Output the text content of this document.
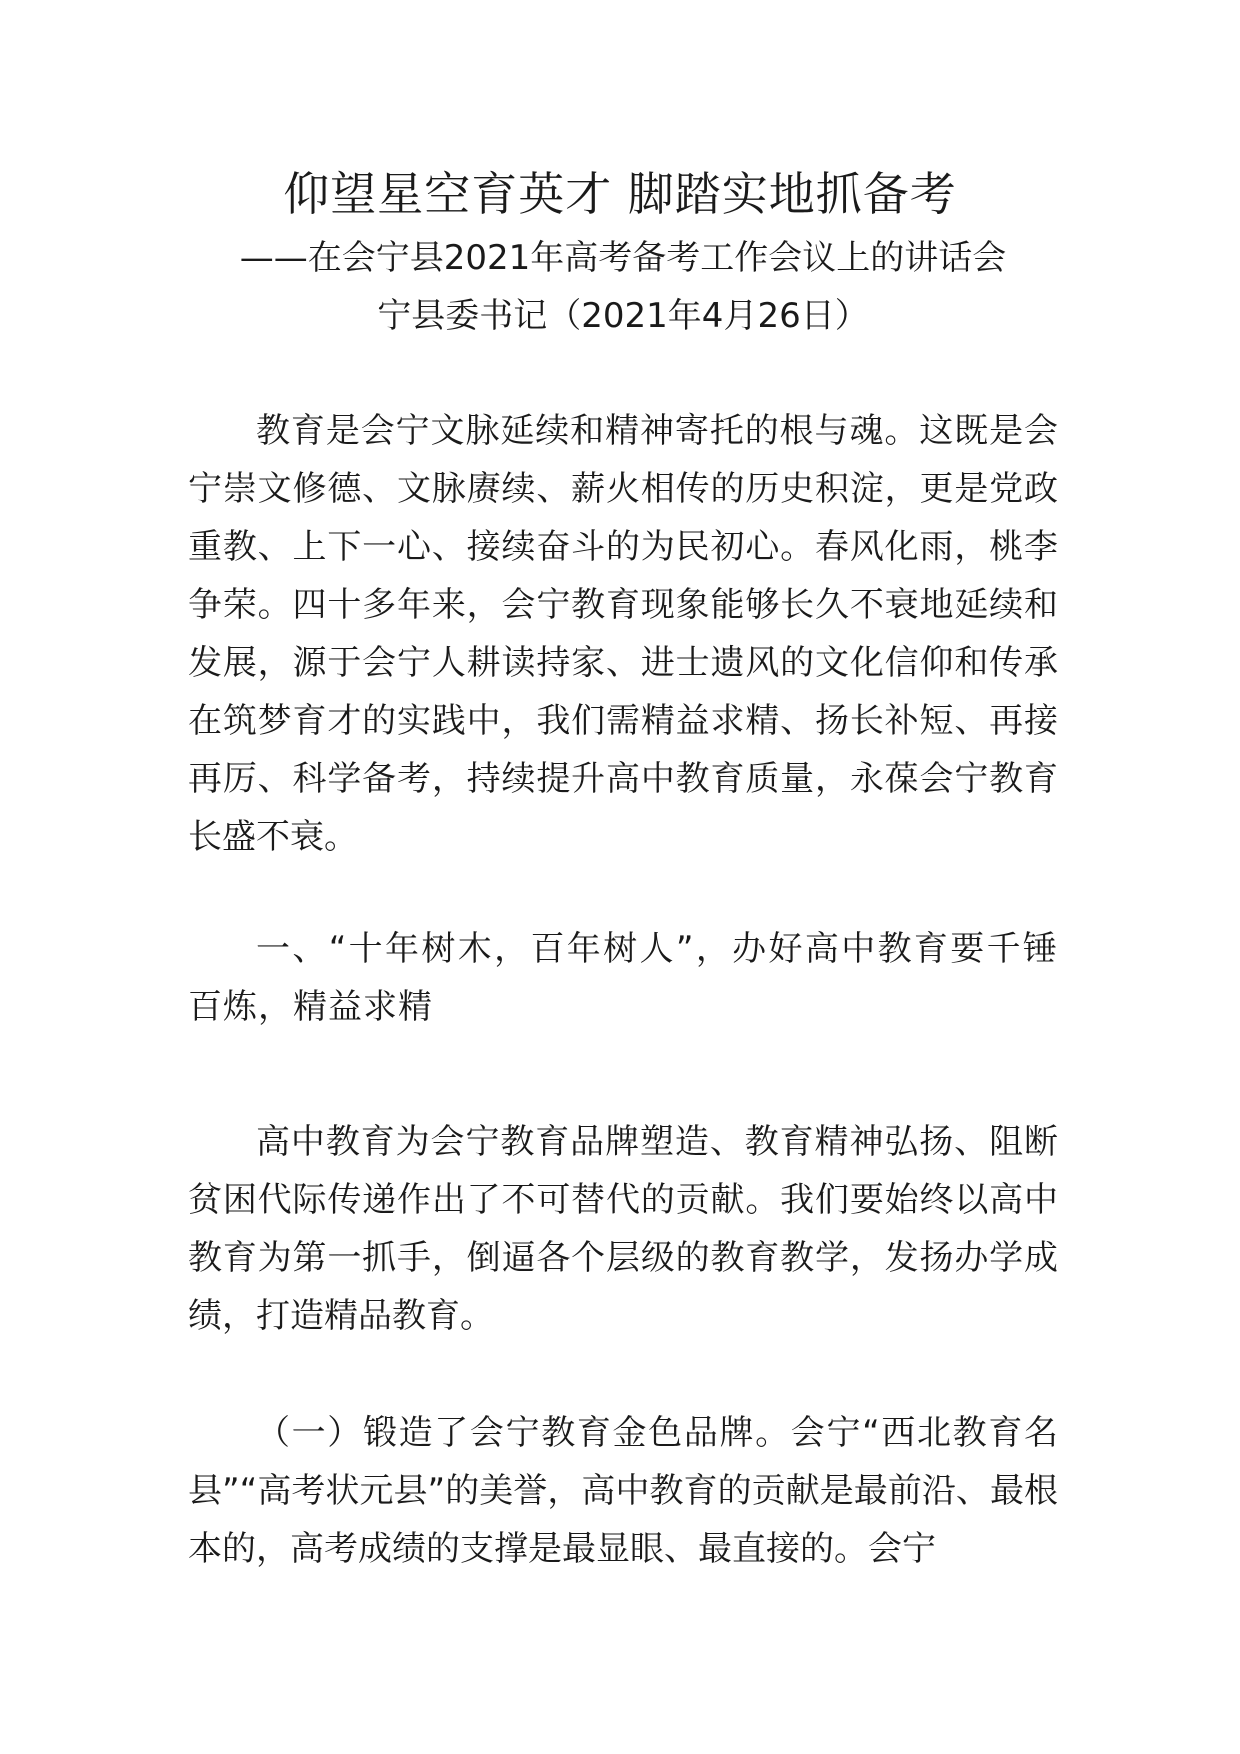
仰望星空育英才 脚踏实地抓备考
——在会宁县2021年高考备考工作会议上的讲话会
宁县委书记（2021年4月26日）

教育是会宁文脉延续和精神寄托的根与魂。这既是会宁崇文修德、文脉赓续、薪火相传的历史积淀，更是党政重教、上下一心、接续奋斗的为民初心。春风化雨，桃李争荣。四十多年来，会宁教育现象能够长久不衰地延续和发展，源于会宁人耕读持家、进士遗风的文化信仰和传承在筑梦育才的实践中，我们需精益求精、扬长补短、再接再厉、科学备考，持续提升高中教育质量，永葆会宁教育长盛不衰。

一、“十年树木，百年树人”，办好高中教育要千锤百炼，精益求精

高中教育为会宁教育品牌塑造、教育精神弘扬、阻断贫困代际传递作出了不可替代的贡献。我们要始终以高中教育为第一抓手，倒逼各个层级的教育教学，发扬办学成绩，打造精品教育。

（一）锻造了会宁教育金色品牌。会宁“西北教育名县”“高考状元县”的美誉，高中教育的贡献是最前沿、最根本的，高考成绩的支撑是最显眼、最直接的。会宁
